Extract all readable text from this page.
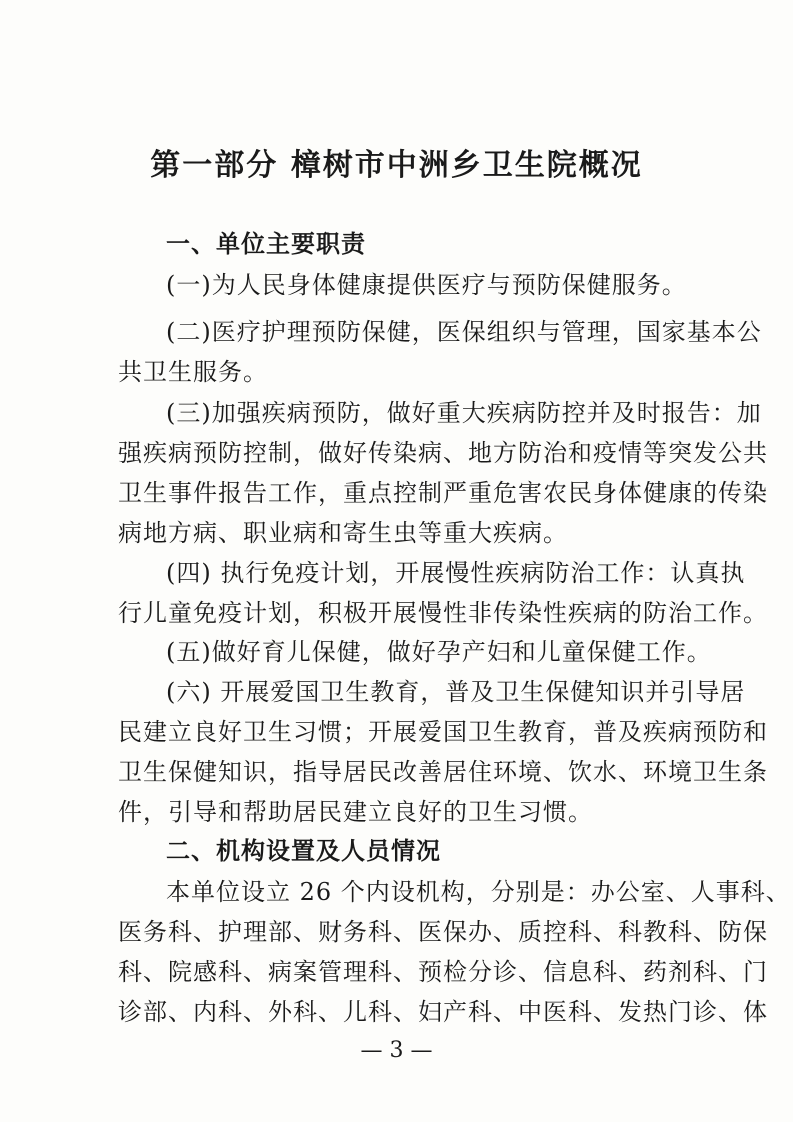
第一部分 樟树市中洲乡卫生院概况
一、单位主要职责
(一)为人民身体健康提供医疗与预防保健服务。
(二)医疗护理预防保健，医保组织与管理，国家基本公
共卫生服务。
(三)加强疾病预防，做好重大疾病防控并及时报告：加
强疾病预防控制，做好传染病、地方防治和疫情等突发公共
卫生事件报告工作，重点控制严重危害农民身体健康的传染
病地方病、职业病和寄生虫等重大疾病。
(四) 执行免疫计划，开展慢性疾病防治工作：认真执
行儿童免疫计划，积极开展慢性非传染性疾病的防治工作。
(五)做好育儿保健，做好孕产妇和儿童保健工作。
(六) 开展爱国卫生教育，普及卫生保健知识并引导居
民建立良好卫生习惯；开展爱国卫生教育，普及疾病预防和
卫生保健知识，指导居民改善居住环境、饮水、环境卫生条
件，引导和帮助居民建立良好的卫生习惯。
二、机构设置及人员情况
本单位设立 26 个内设机构，分别是：办公室、人事科、
医务科、护理部、财务科、医保办、质控科、科教科、防保
科、院感科、病案管理科、预检分诊、信息科、药剂科、门
诊部、内科、外科、儿科、妇产科、中医科、发热门诊、体
— 3 —
